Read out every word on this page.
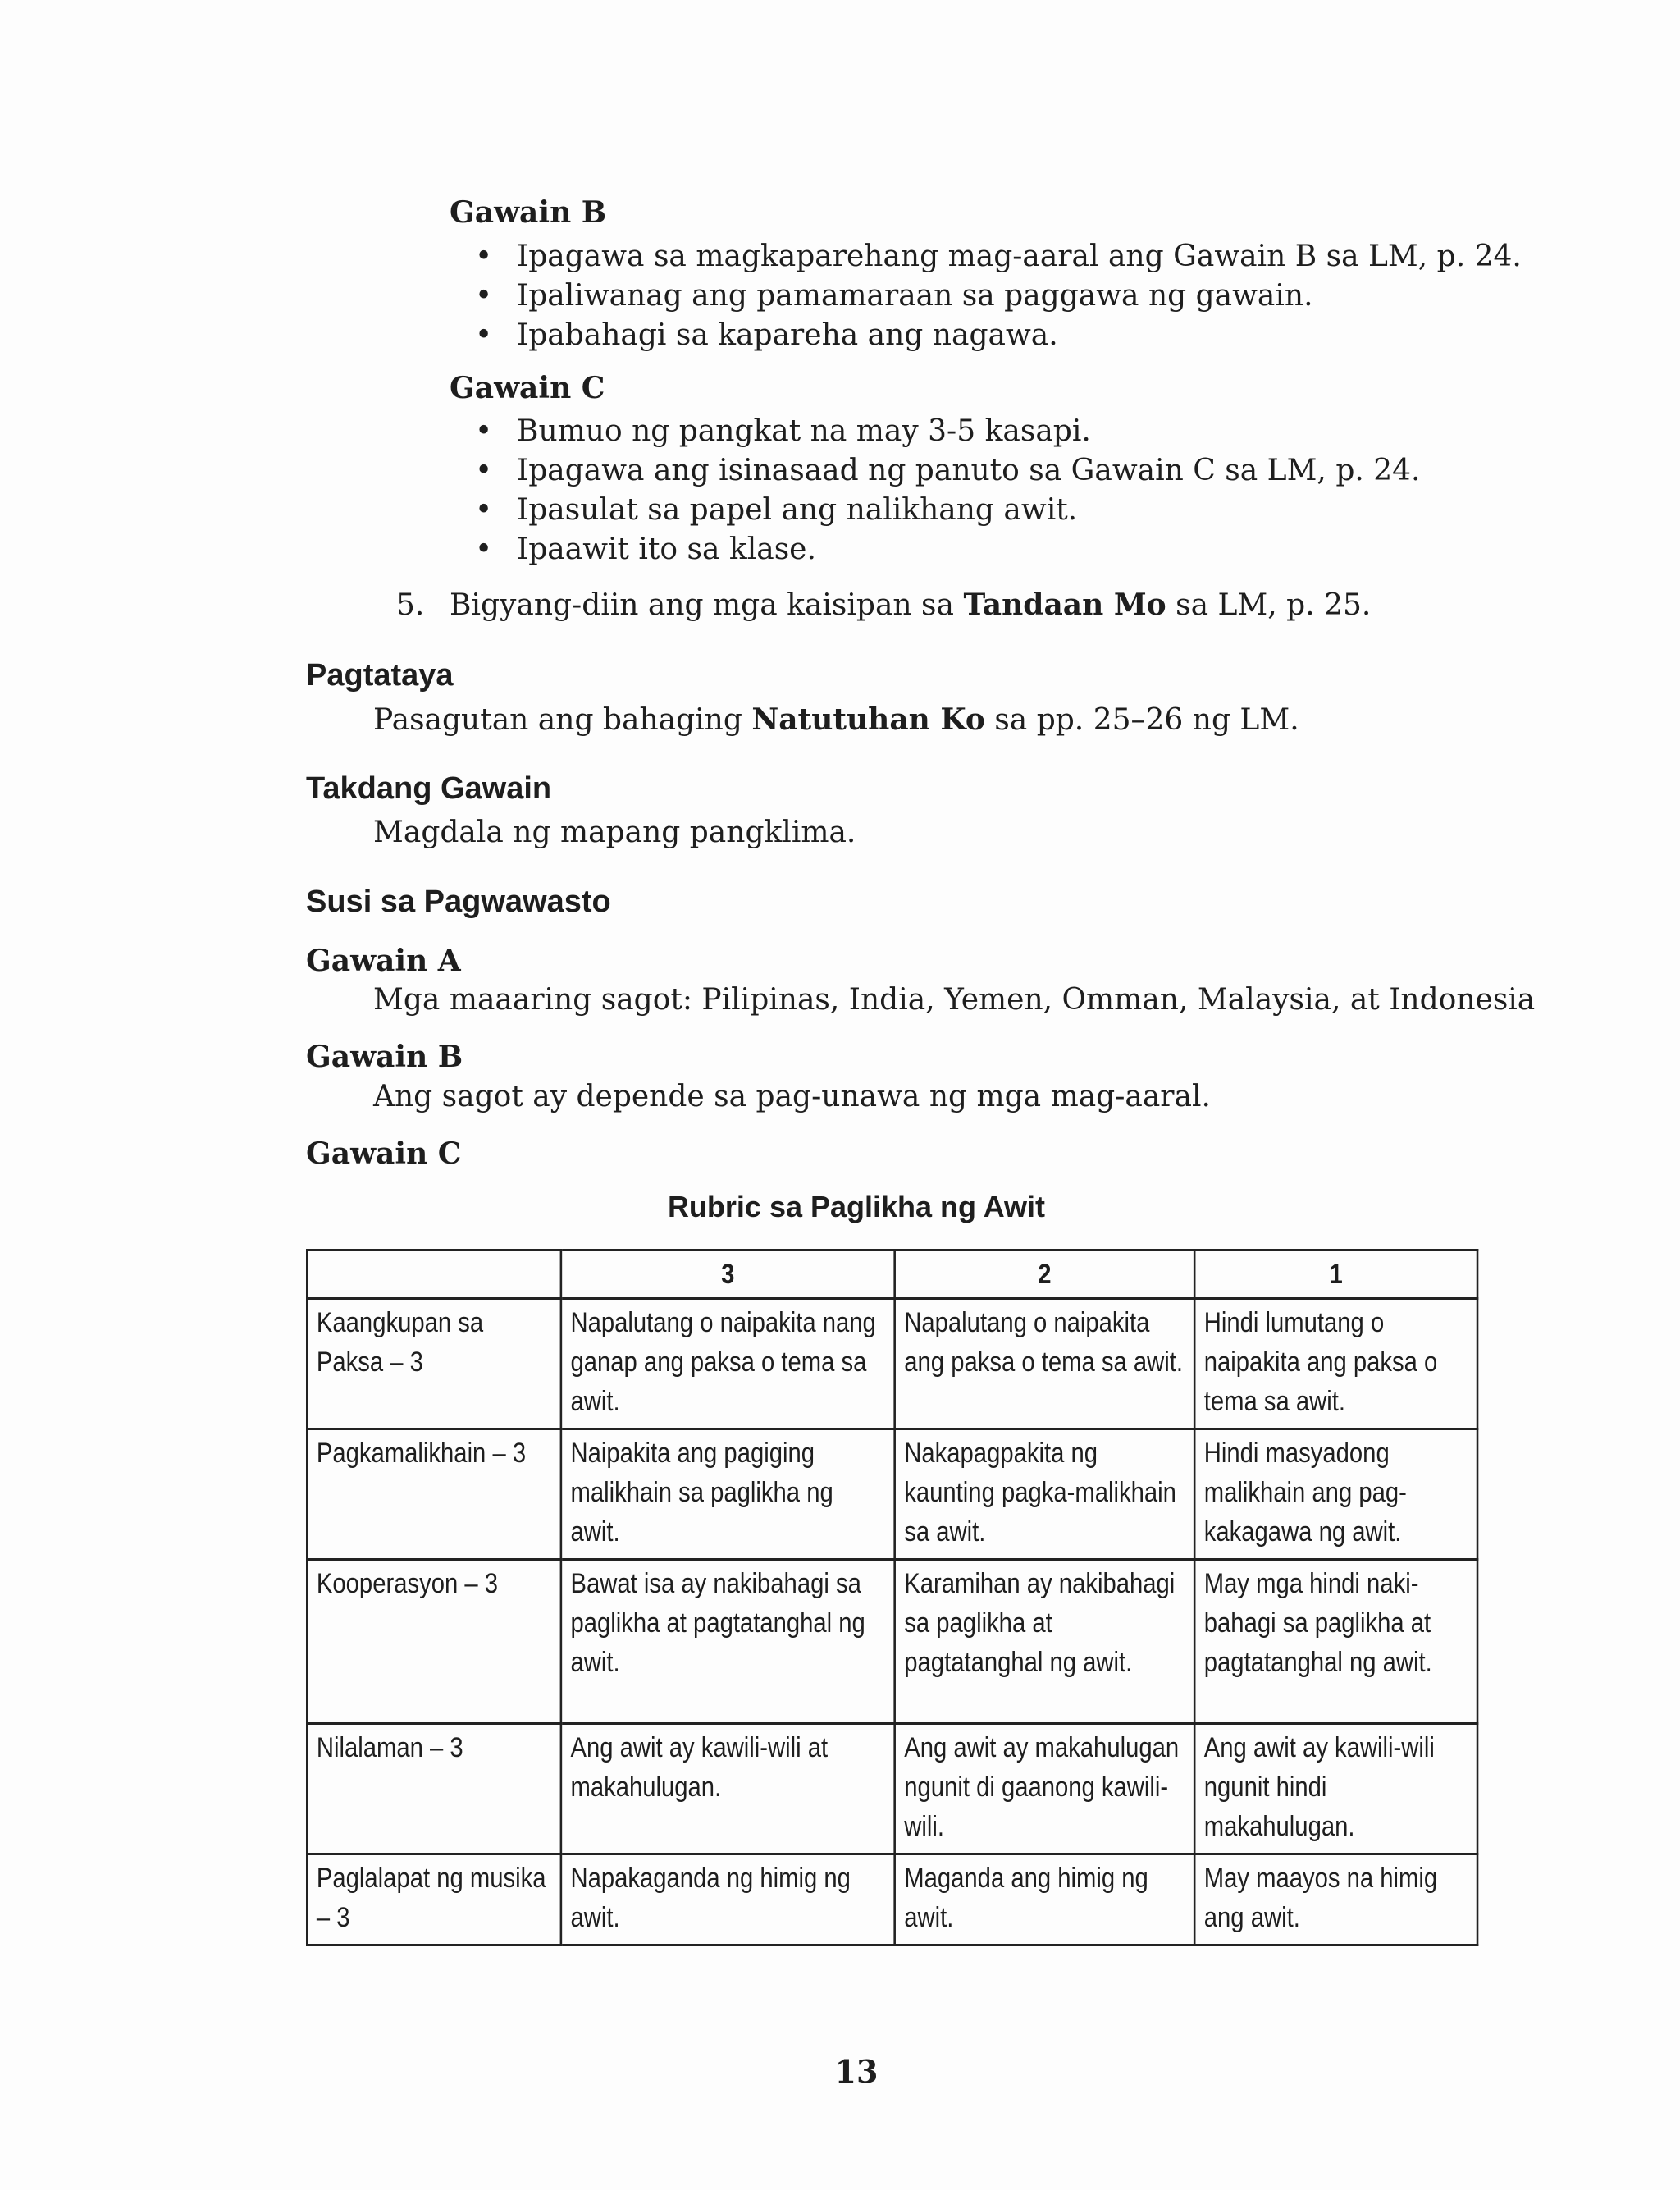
Gawain B
• Ipagawa sa magkaparehang mag-aaral ang Gawain B sa LM, p. 24.
• Ipaliwanag ang pamamaraan sa paggawa ng gawain.
• Ipabahagi sa kapareha ang nagawa.
Gawain C
• Bumuo ng pangkat na may 3-5 kasapi.
• Ipagawa ang isinasaad ng panuto sa Gawain C sa LM, p. 24.
• Ipasulat sa papel ang nalikhang awit.
• Ipaawit ito sa klase.
5. Bigyang-diin ang mga kaisipan sa Tandaan Mo sa LM, p. 25.
Pagtataya
Pasagutan ang bahaging Natutuhan Ko sa pp. 25–26 ng LM.
Takdang Gawain
Magdala ng mapang pangklima.
Susi sa Pagwawasto
Gawain A
Mga maaaring sagot: Pilipinas, India, Yemen, Omman, Malaysia, at Indonesia
Gawain B
Ang sagot ay depende sa pag-unawa ng mga mag-aaral.
Gawain C
Rubric sa Paglikha ng Awit
	3	2	1
Kaangkupan sa Paksa – 3	Napalutang o naipakita nang ganap ang paksa o tema sa awit.	Napalutang o naipakita ang paksa o tema sa awit.	Hindi lumutang o naipakita ang paksa o tema sa awit.
Pagkamalikhain – 3	Naipakita ang pagiging malikhain sa paglikha ng awit.	Nakapagpakita ng kaunting pagka-malikhain sa awit.	Hindi masyadong malikhain ang pag-kakagawa ng awit.
Kooperasyon – 3	Bawat isa ay nakibahagi sa paglikha at pagtatanghal ng awit.	Karamihan ay nakibahagi sa paglikha at pagtatanghal ng awit.	May mga hindi naki-bahagi sa paglikha at pagtatanghal ng awit.
Nilalaman – 3	Ang awit ay kawili-wili at makahulugan.	Ang awit ay makahulugan ngunit di gaanong kawili-wili.	Ang awit ay kawili-wili ngunit hindi makahulugan.
Paglalapat ng musika – 3	Napakaganda ng himig ng awit.	Maganda ang himig ng awit.	May maayos na himig ang awit.
13
